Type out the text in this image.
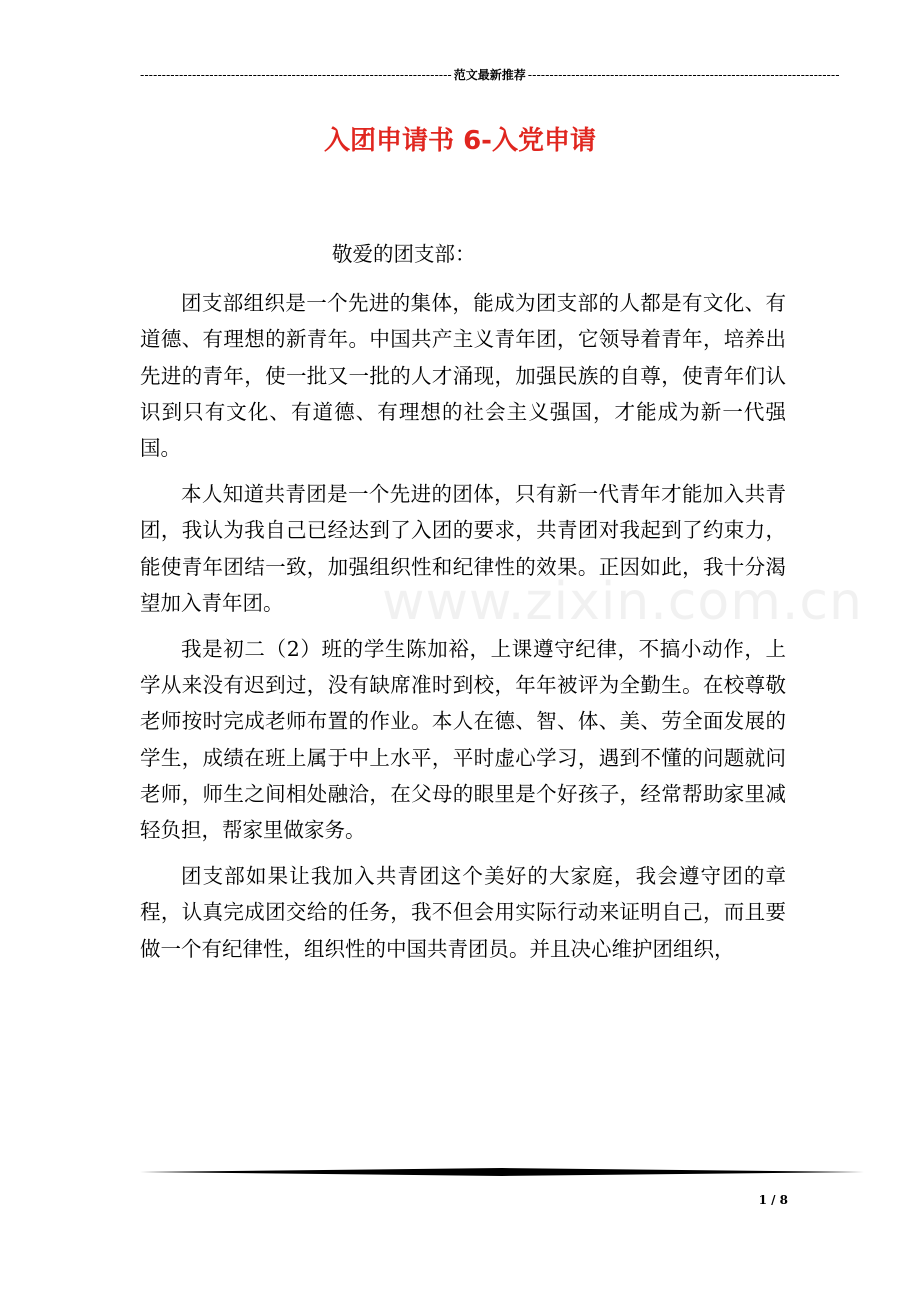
------------------------------------------------------------------------ 范文最新推荐 ------------------------------------------------------------------------
入团申请书 6-入党申请
www.zixin.com.cn

敬爱的团支部：

团支部组织是一个先进的集体，能成为团支部的人都是有文化、有道德、有理想的新青年。中国共产主义青年团，它领导着青年，培养出先进的青年，使一批又一批的人才涌现，加强民族的自尊，使青年们认识到只有文化、有道德、有理想的社会主义强国，才能成为新一代强国。

本人知道共青团是一个先进的团体，只有新一代青年才能加入共青团，我认为我自己已经达到了入团的要求，共青团对我起到了约束力，能使青年团结一致，加强组织性和纪律性的效果。正因如此，我十分渴望加入青年团。

我是初二（2）班的学生陈加裕，上课遵守纪律，不搞小动作，上学从来没有迟到过，没有缺席准时到校，年年被评为全勤生。在校尊敬老师按时完成老师布置的作业。本人在德、智、体、美、劳全面发展的学生，成绩在班上属于中上水平，平时虚心学习，遇到不懂的问题就问老师，师生之间相处融洽，在父母的眼里是个好孩子，经常帮助家里减轻负担，帮家里做家务。

团支部如果让我加入共青团这个美好的大家庭，我会遵守团的章程，认真完成团交给的任务，我不但会用实际行动来证明自己，而且要做一个有纪律性，组织性的中国共青团员。并且决心维护团组织，

1 / 8
